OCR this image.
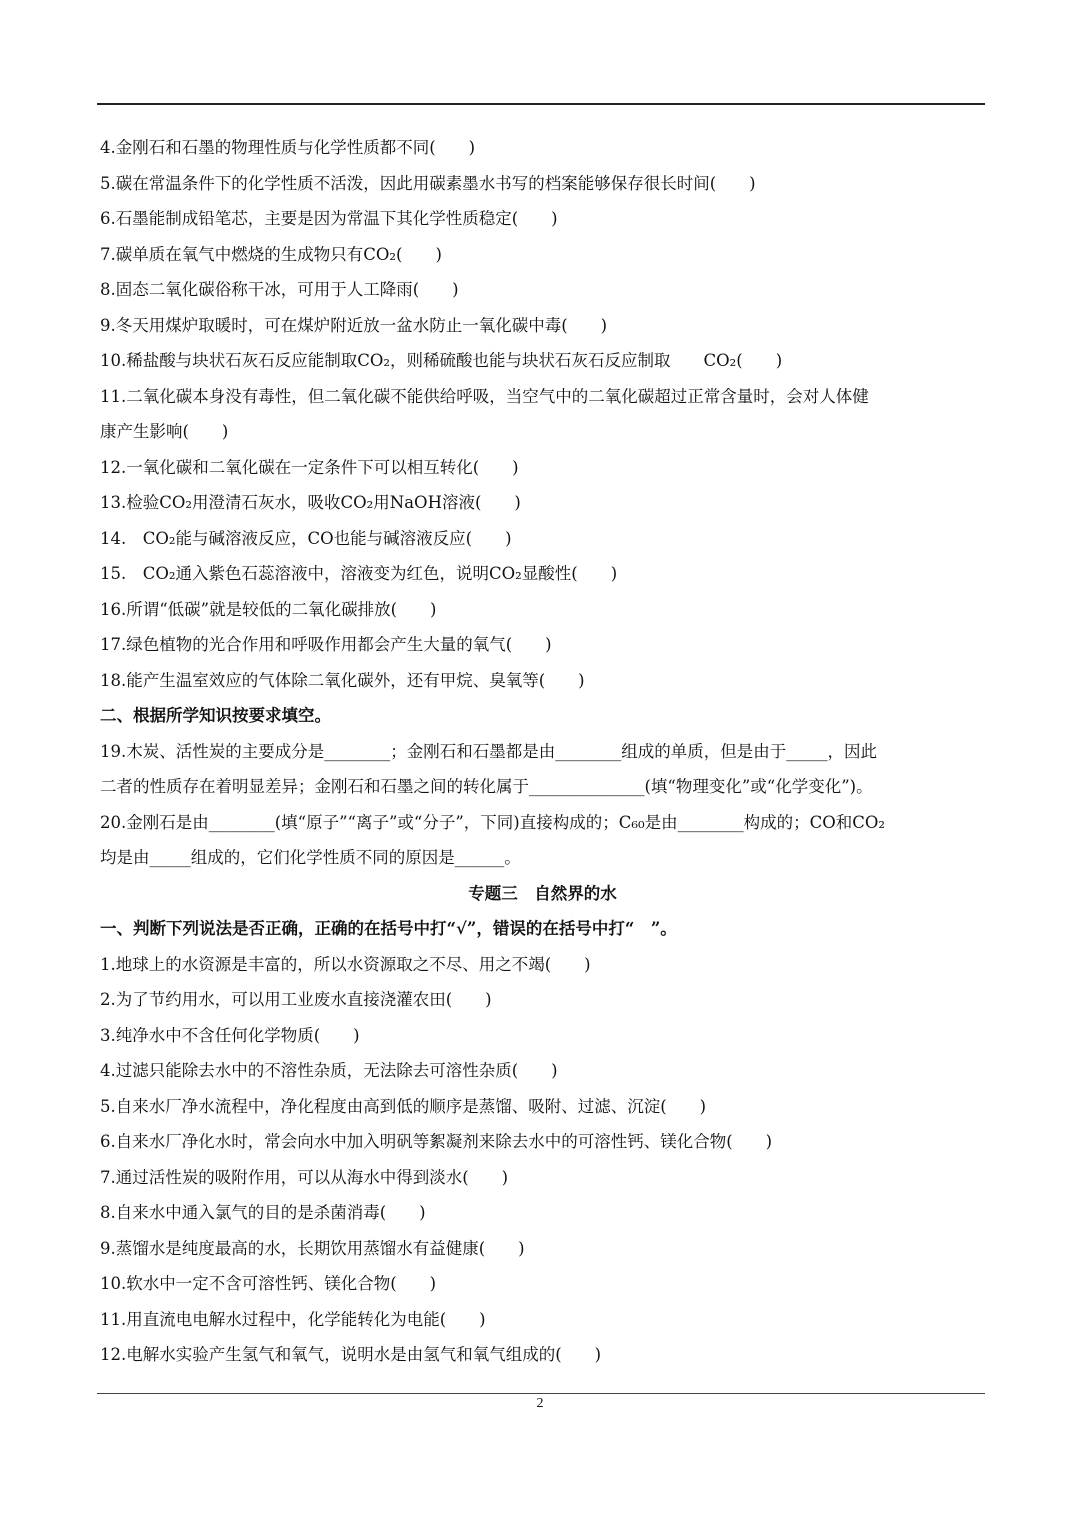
4.金刚石和石墨的物理性质与化学性质都不同(　　)
5.碳在常温条件下的化学性质不活泼，因此用碳素墨水书写的档案能够保存很长时间(　　)
6.石墨能制成铅笔芯，主要是因为常温下其化学性质稳定(　　)
7.碳单质在氧气中燃烧的生成物只有CO₂(　　)
8.固态二氧化碳俗称干冰，可用于人工降雨(　　)
9.冬天用煤炉取暖时，可在煤炉附近放一盆水防止一氧化碳中毒(　　)
10.稀盐酸与块状石灰石反应能制取CO₂，则稀硫酸也能与块状石灰石反应制取　　CO₂(　　)
11.二氧化碳本身没有毒性，但二氧化碳不能供给呼吸，当空气中的二氧化碳超过正常含量时，会对人体健
康产生影响(　　)
12.一氧化碳和二氧化碳在一定条件下可以相互转化(　　)
13.检验CO₂用澄清石灰水，吸收CO₂用NaOH溶液(　　)
14.　CO₂能与碱溶液反应，CO也能与碱溶液反应(　　)
15.　CO₂通入紫色石蕊溶液中，溶液变为红色，说明CO₂显酸性(　　)
16.所谓“低碳”就是较低的二氧化碳排放(　　)
17.绿色植物的光合作用和呼吸作用都会产生大量的氧气(　　)
18.能产生温室效应的气体除二氧化碳外，还有甲烷、臭氧等(　　)
二、根据所学知识按要求填空。
19.木炭、活性炭的主要成分是________；金刚石和石墨都是由________组成的单质，但是由于_____，因此
二者的性质存在着明显差异；金刚石和石墨之间的转化属于______________(填“物理变化”或“化学变化”)。
20.金刚石是由________(填“原子”“离子”或“分子”，下同)直接构成的；C₆₀是由________构成的；CO和CO₂
均是由_____组成的，它们化学性质不同的原因是______。
专题三　自然界的水
一、判断下列说法是否正确，正确的在括号中打“√”，错误的在括号中打“　”。
1.地球上的水资源是丰富的，所以水资源取之不尽、用之不竭(　　)
2.为了节约用水，可以用工业废水直接浇灌农田(　　)
3.纯净水中不含任何化学物质(　　)
4.过滤只能除去水中的不溶性杂质，无法除去可溶性杂质(　　)
5.自来水厂净水流程中，净化程度由高到低的顺序是蒸馏、吸附、过滤、沉淀(　　)
6.自来水厂净化水时，常会向水中加入明矾等絮凝剂来除去水中的可溶性钙、镁化合物(　　)
7.通过活性炭的吸附作用，可以从海水中得到淡水(　　)
8.自来水中通入氯气的目的是杀菌消毒(　　)
9.蒸馏水是纯度最高的水，长期饮用蒸馏水有益健康(　　)
10.软水中一定不含可溶性钙、镁化合物(　　)
11.用直流电电解水过程中，化学能转化为电能(　　)
12.电解水实验产生氢气和氧气，说明水是由氢气和氧气组成的(　　)
2
